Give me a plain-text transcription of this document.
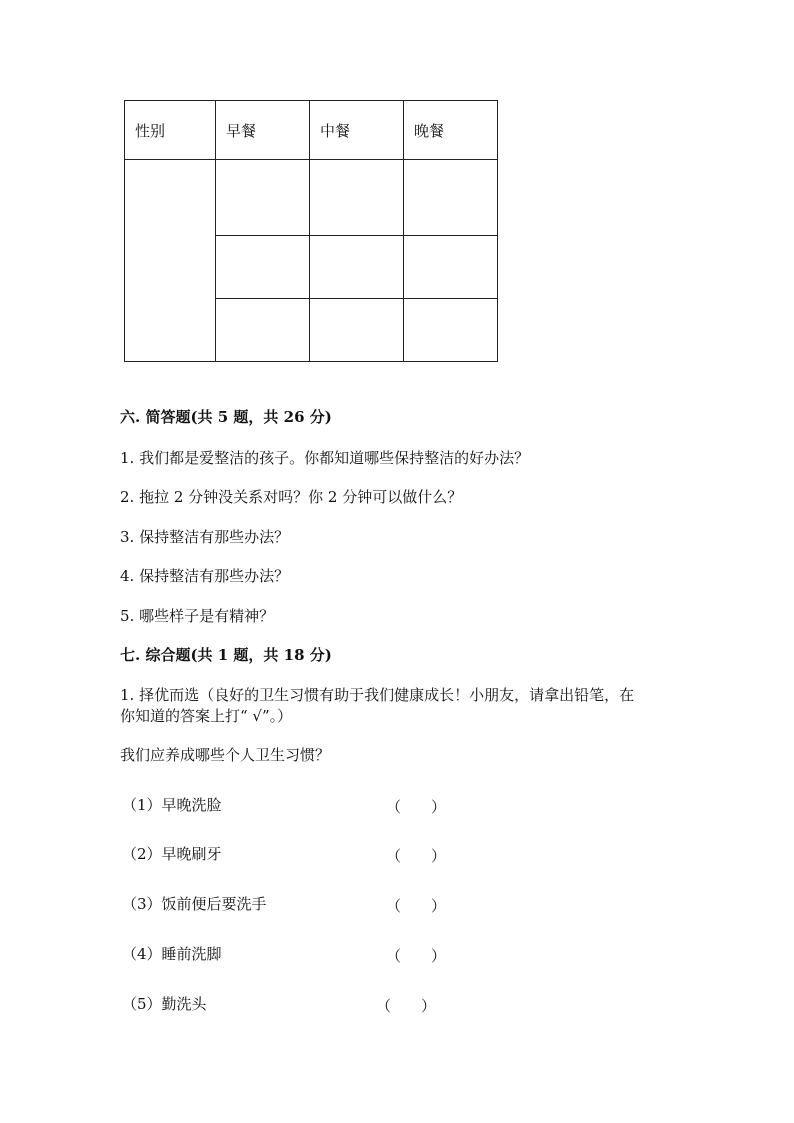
性别	早餐	中餐	晚餐

六. 简答题(共 5 题，共 26 分)
1. 我们都是爱整洁的孩子。你都知道哪些保持整洁的好办法？
2. 拖拉 2 分钟没关系对吗？你 2 分钟可以做什么？
3. 保持整洁有那些办法？
4. 保持整洁有那些办法？
5. 哪些样子是有精神？
七. 综合题(共 1 题，共 18 分)
1. 择优而选（良好的卫生习惯有助于我们健康成长！小朋友，请拿出铅笔，在
你知道的答案上打“ √”。）
我们应养成哪些个人卫生习惯？
（1）早晚洗脸	（　　）
（2）早晚刷牙	（　　）
（3）饭前便后要洗手	（　　）
（4）睡前洗脚	（　　）
（5）勤洗头	（　　）
